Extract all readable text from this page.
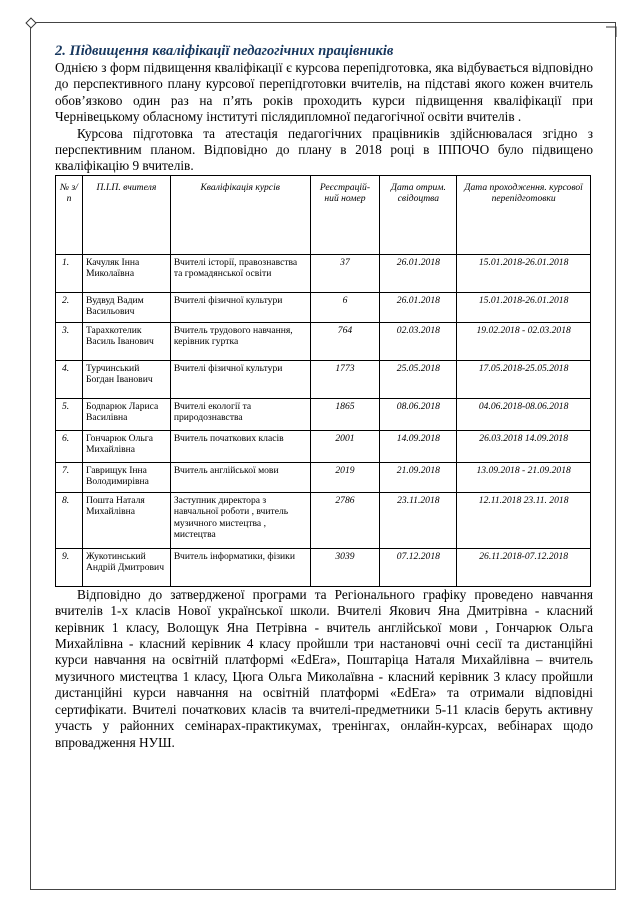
2. Підвищення кваліфікації педагогічних працівників

Однією з форм підвищення кваліфікації є курсова перепідготовка, яка відбувається відповідно до перспективного плану курсової перепідготовки вчителів, на підставі якого кожен вчитель обов’язково один раз на п’ять років проходить курси підвищення кваліфікації при Чернівецькому обласному інституті післядипломної педагогічної освіти вчителів .

Курсова підготовка та атестація педагогічних працівників здійснювалася згідно з перспективним планом. Відповідно до плану в 2018 році в ІППОЧО було підвищено кваліфікацію 9 вчителів.

№ з/п	П.І.П. вчителя	Кваліфікація курсів	Реєстрацій-ний номер	Дата отрим. свідоцтва	Дата проходження. курсової перепідготовки
1.	Качуляк Інна Миколаївна	Вчителі історії, правознавства та громадянської освіти	37	26.01.2018	15.01.2018-26.01.2018
2.	Вудвуд Вадим Васильович	Вчителі фізичної культури	6	26.01.2018	15.01.2018-26.01.2018
3.	Тарахкотелик Василь Іванович	Вчитель трудового навчання, керівник гуртка	764	02.03.2018	19.02.2018 - 02.03.2018
4.	Турчинський Богдан Іванович	Вчителі фізичної культури	1773	25.05.2018	17.05.2018-25.05.2018
5.	Бодnарюк Лариса Василівна	Вчителі екології та природознавства	1865	08.06.2018	04.06.2018-08.06.2018
6.	Гончарюк Ольга Михайлівна	Вчитель початкових класів	2001	14.09.2018	26.03.2018 14.09.2018
7.	Гаврищук Інна Володимирівна	Вчитель англійської мови	2019	21.09.2018	13.09.2018 - 21.09.2018
8.	Пошта Наталя Михайлівна	Заступник директора з навчальної роботи , вчитель музичного мистецтва , мистецтва	2786	23.11.2018	12.11.2018 23.11. 2018
9.	Жукотинський Андрій Дмитрович	Вчитель інформатики, фізики	3039	07.12.2018	26.11.2018-07.12.2018

Відповідно до затвердженої програми та Регіонального графіку проведено навчання вчителів 1-х класів Нової української школи. Вчителі Якович Яна Дмитрівна - класний керівник 1 класу, Волощук Яна Петрівна - вчитель англійської мови , Гончарюк Ольга Михайлівна - класний керівник 4 класу пройшли три настановчі очні сесії та дистанційні курси навчання на освітній платформі «EdEra», Поштаріца Наталя Михайлівна – вчитель музичного мистецтва 1 класу, Цюга Ольга Миколаївна - класний керівник 3 класу пройшли дистанційні курси навчання на освітній платформі «EdEra» та отримали відповідні сертифікати. Вчителі початкових класів та вчителі-предметники 5-11 класів беруть активну участь у районних семінарах-практикумах, тренінгах, онлайн-курсах, вебінарах щодо впровадження НУШ.
